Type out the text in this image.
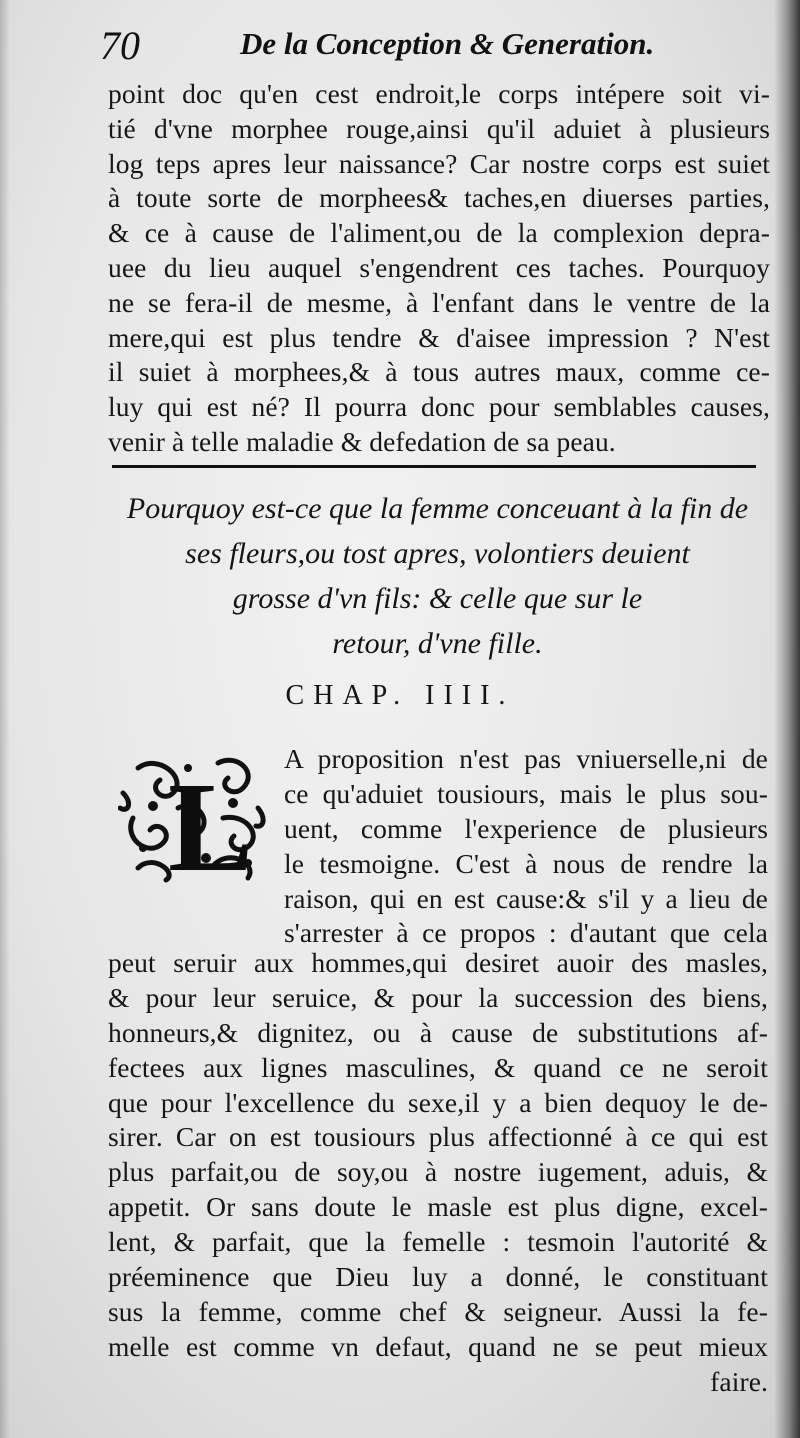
70	De la Conception & Generation.
point doc qu'en cest endroit,le corps intépere soit vi-
tié d'vne morphee rouge,ainsi qu'il aduiet à plusieurs
log teps apres leur naissance? Car nostre corps est suiet
à toute sorte de morphees& taches,en diuerses parties,
& ce à cause de l'aliment,ou de la complexion depra-
uee du lieu auquel s'engendrent ces taches. Pourquoy
ne se fera-il de mesme, à l'enfant dans le ventre de la
mere,qui est plus tendre & d'aisee impression ? N'est
il suiet à morphees,& à tous autres maux, comme ce-
luy qui est né? Il pourra donc pour semblables causes,
venir à telle maladie & defedation de sa peau.
Pourquoy est-ce que la femme conceuant à la fin de
ses fleurs,ou tost apres, volontiers deuient
grosse d'vn fils: & celle que sur le
retour, d'vne fille.
CHAP. IIII.
L A proposition n'est pas vniuerselle,ni de
ce qu'aduiet tousiours, mais le plus sou-
uent, comme l'experience de plusieurs
le tesmoigne. C'est à nous de rendre la
raison, qui en est cause:& s'il y a lieu de
s'arrester à ce propos : d'autant que cela
peut seruir aux hommes,qui desiret auoir des masles,
& pour leur seruice, & pour la succession des biens,
honneurs,& dignitez, ou à cause de substitutions af-
fectees aux lignes masculines, & quand ce ne seroit
que pour l'excellence du sexe,il y a bien dequoy le de-
sirer. Car on est tousiours plus affectionné à ce qui est
plus parfait,ou de soy,ou à nostre iugement, aduis, &
appetit. Or sans doute le masle est plus digne, excel-
lent, & parfait, que la femelle : tesmoin l'autorité &
préeminence que Dieu luy a donné, le constituant
sus la femme, comme chef & seigneur. Aussi la fe-
melle est comme vn defaut, quand ne se peut mieux
faire.
